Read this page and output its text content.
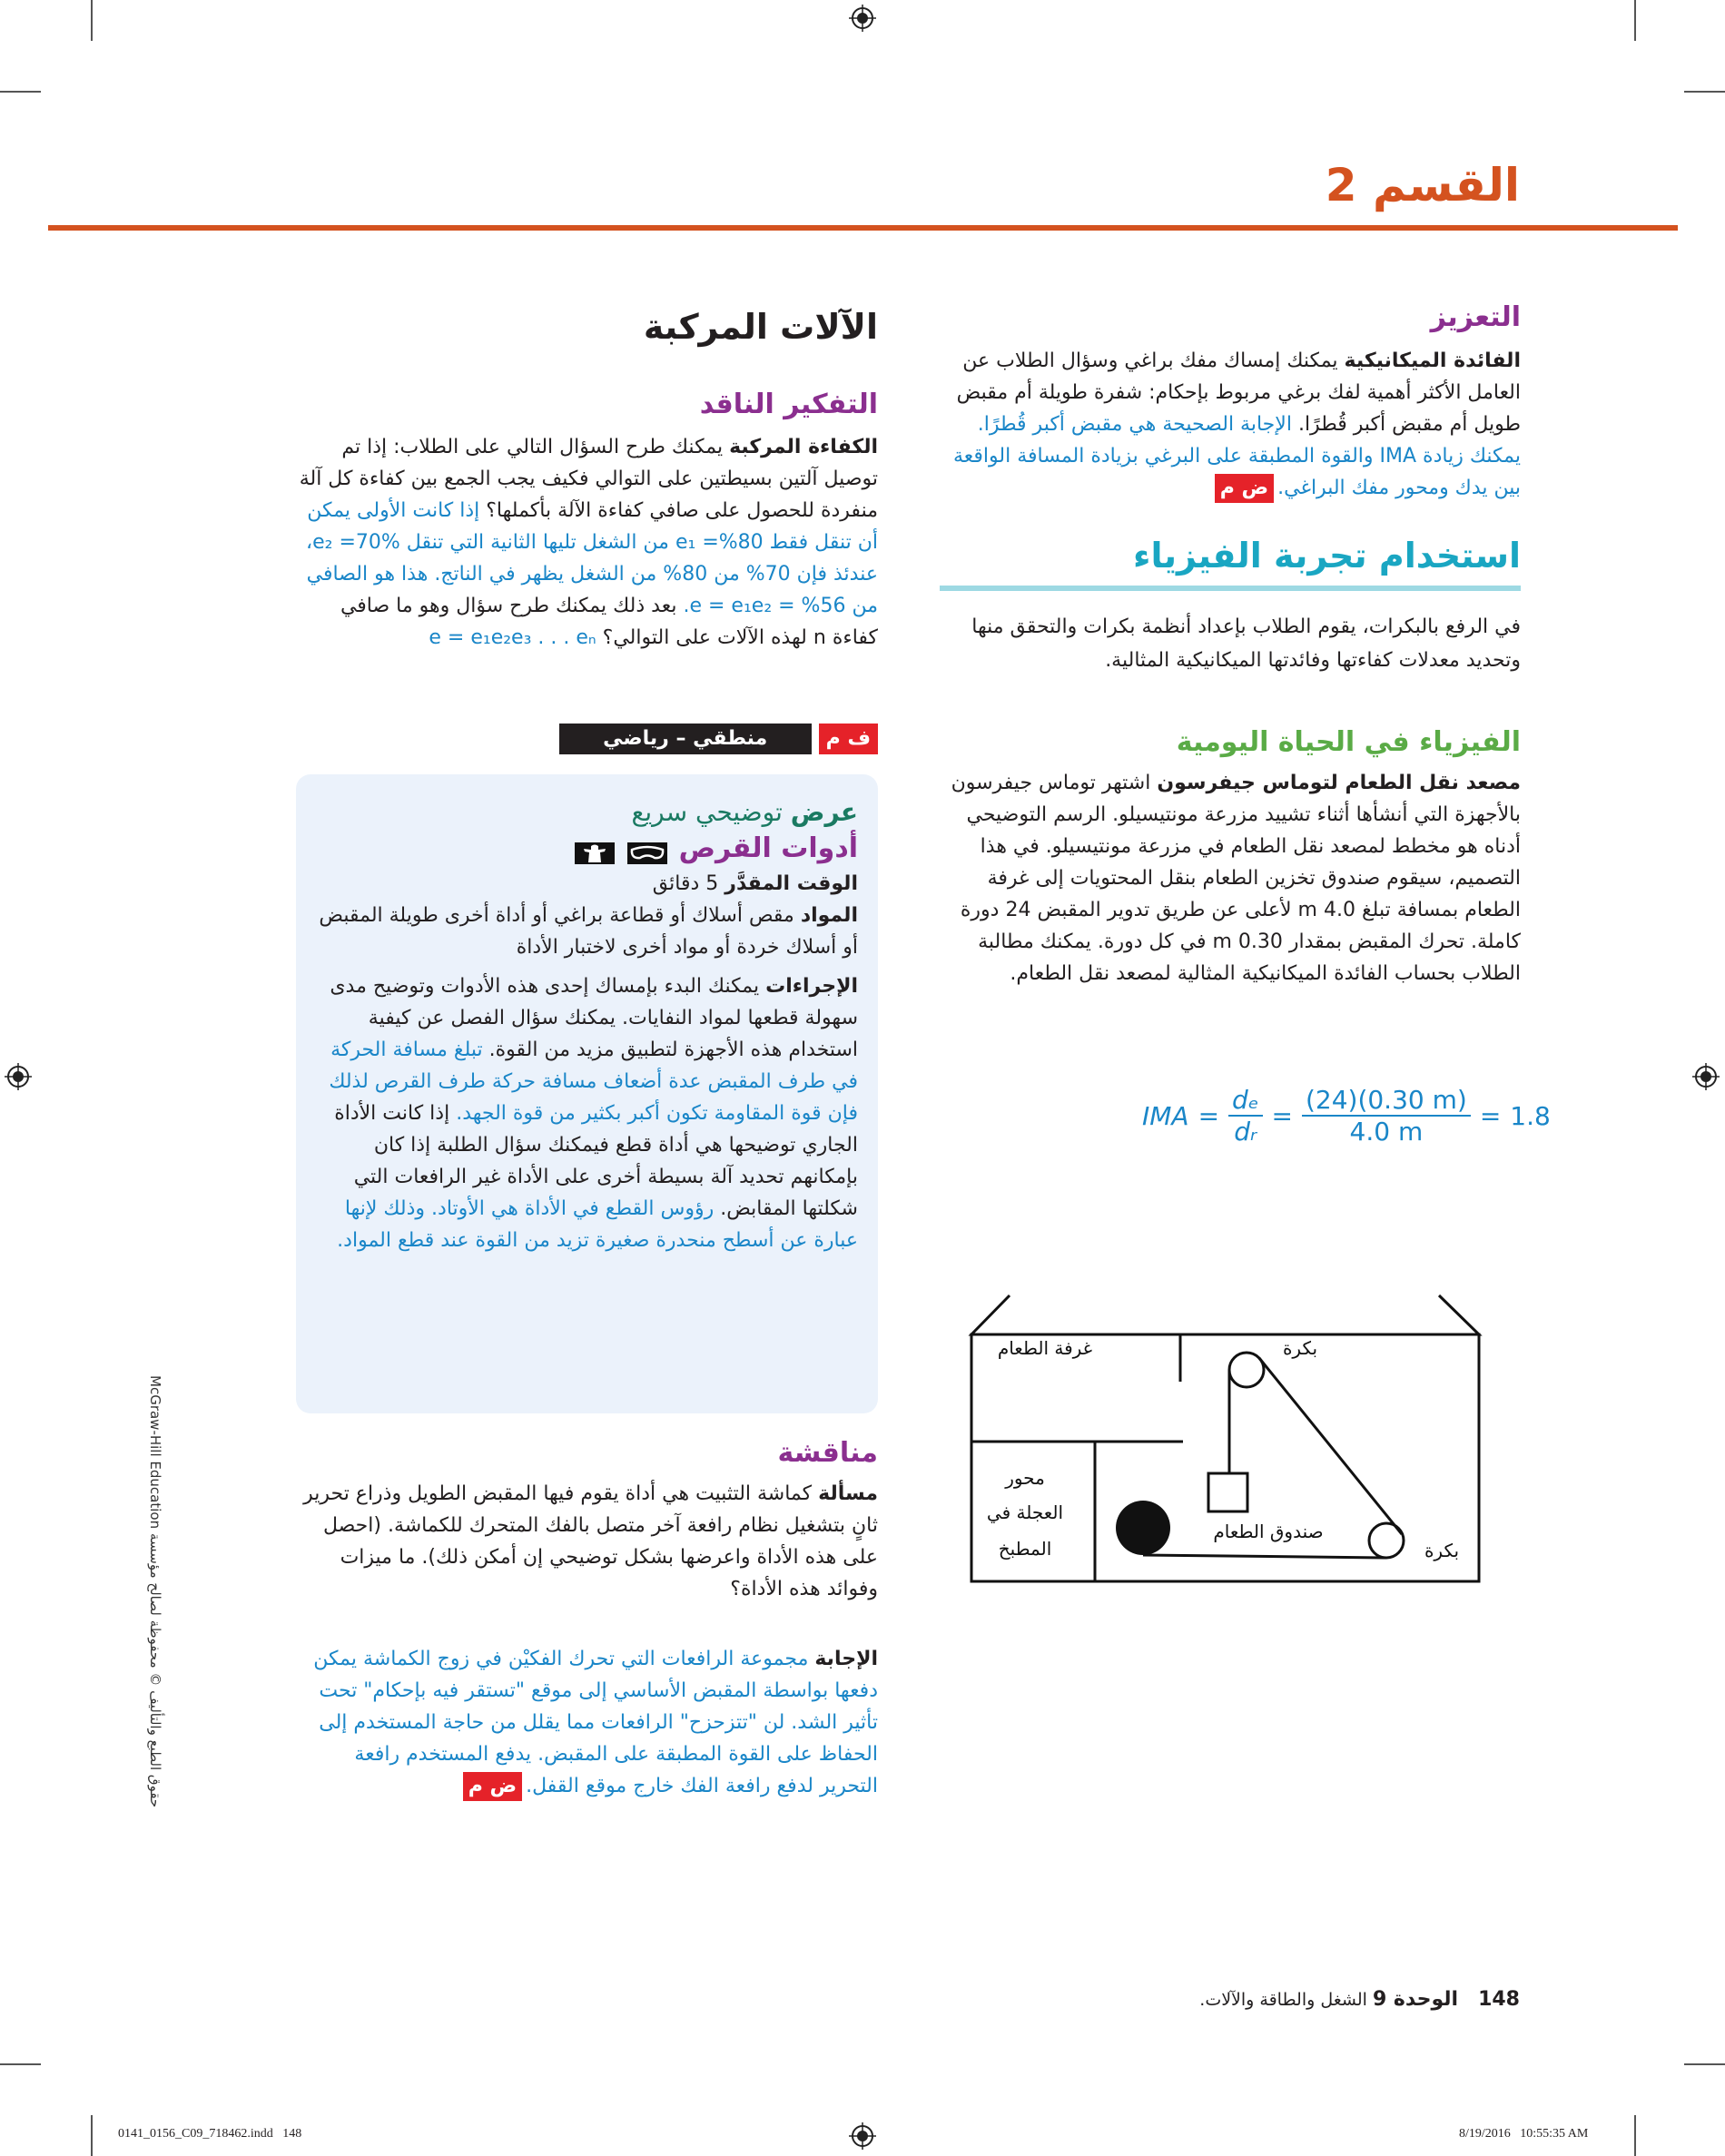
القسم 2
التعزيز
الفائدة الميكانيكية يمكنك إمساك مفك براغي وسؤال الطلاب عن العامل الأكثر أهمية لفك برغي مربوط بإحكام: شفرة طويلة أم مقبض طويل أم مقبض أكبر قُطرًا. الإجابة الصحيحة هي مقبض أكبر قُطرًا. يمكنك زيادة IMA والقوة المطبقة على البرغي بزيادة المسافة الواقعة بين يدك ومحور مفك البراغي.ض م
استخدام تجربة الفيزياء
في الرفع بالبكرات، يقوم الطلاب بإعداد أنظمة بكرات والتحقق منها وتحديد معدلات كفاءتها وفائدتها الميكانيكية المثالية.
الفيزياء في الحياة اليومية
مصعد نقل الطعام لتوماس جيفرسون اشتهر توماس جيفرسون بالأجهزة التي أنشأها أثناء تشييد مزرعة مونتيسيلو. الرسم التوضيحي أدناه هو مخطط لمصعد نقل الطعام في مزرعة مونتيسيلو. في هذا التصميم، سيقوم صندوق تخزين الطعام بنقل المحتويات إلى غرفة الطعام بمسافة تبلغ 4.0 m لأعلى عن طريق تدوير المقبض 24 دورة كاملة. تحرك المقبض بمقدار 0.30 m في كل دورة. يمكنك مطالبة الطلاب بحساب الفائدة الميكانيكية المثالية لمصعد نقل الطعام.
IMA = $\frac{\text{dₑ}}{\text{dᵣ}} = \frac{(24)(0.30 m)}{4.0 m} = 1.8$
غرفة الطعام	بكرة
محور
العجلة في
المطبخ
صندوق الطعام
بكرة
الآلات المركبة
التفكير الناقد
الكفاءة المركبة يمكنك طرح السؤال التالي على الطلاب: إذا تم توصيل آلتين بسيطتين على التوالي فكيف يجب الجمع بين كفاءة كل آلة منفردة للحصول على صافي كفاءة الآلة بأكملها؟ إذا كانت الأولى يمكن أن تنقل فقط 80%= e₁ من الشغل تليها الثانية التي تنقل e₂ =70%، عندئذ فإن 70% من 80% من الشغل يظهر في الناتج. هذا هو الصافي من 56% = e = e₁e₂. بعد ذلك يمكنك طرح سؤال وهو ما صافي كفاءة n لهذه الآلات على التوالي؟ e = e₁e₂e₃ . . . eₙ
ف م
منطقي – رياضي
عرض توضيحي سريع
أدوات القرص
الوقت المقدَّر 5 دقائق
المواد مقص أسلاك أو قطاعة براغي أو أداة أخرى طويلة المقبض أو أسلاك خردة أو مواد أخرى لاختبار الأداة
الإجراءات يمكنك البدء بإمساك إحدى هذه الأدوات وتوضيح مدى سهولة قطعها لمواد النفايات. يمكنك سؤال الفصل عن كيفية استخدام هذه الأجهزة لتطبيق مزيد من القوة. تبلغ مسافة الحركة في طرف المقبض عدة أضعاف مسافة حركة طرف القرص لذلك فإن قوة المقاومة تكون أكبر بكثير من قوة الجهد. إذا كانت الأداة الجاري توضيحها هي أداة قطع فيمكنك سؤال الطلبة إذا كان بإمكانهم تحديد آلة بسيطة أخرى على الأداة غير الرافعات التي شكلتها المقابض. رؤوس القطع في الأداة هي الأوتاد. وذلك لإنها عبارة عن أسطح منحدرة صغيرة تزيد من القوة عند قطع المواد.
مناقشة
مسألة كماشة التثبيت هي أداة يقوم فيها المقبض الطويل وذراع تحرير ثانٍ بتشغيل نظام رافعة آخر متصل بالفك المتحرك للكماشة. (احصل على هذه الأداة واعرضها بشكل توضيحي إن أمكن ذلك). ما ميزات وفوائد هذه الأداة؟
الإجابة مجموعة الرافعات التي تحرك الفكيْن في زوج الكماشة يمكن دفعها بواسطة المقبض الأساسي إلى موقع "تستقر فيه بإحكام" تحت تأثير الشد. لن "تتزحزح" الرافعات مما يقلل من حاجة المستخدم إلى الحفاظ على القوة المطبقة على المقبض. يدفع المستخدم رافعة التحرير لدفع رافعة الفك خارج موقع القفل.ض م
حقوق الطبع والتأليف © محفوظة لصالح مؤسسة McGraw-Hill Education
148الوحدة 9 الشغل والطاقة والآلات.
0141_0156_C09_718462.indd   148	8/19/2016   10:55:35 AM
